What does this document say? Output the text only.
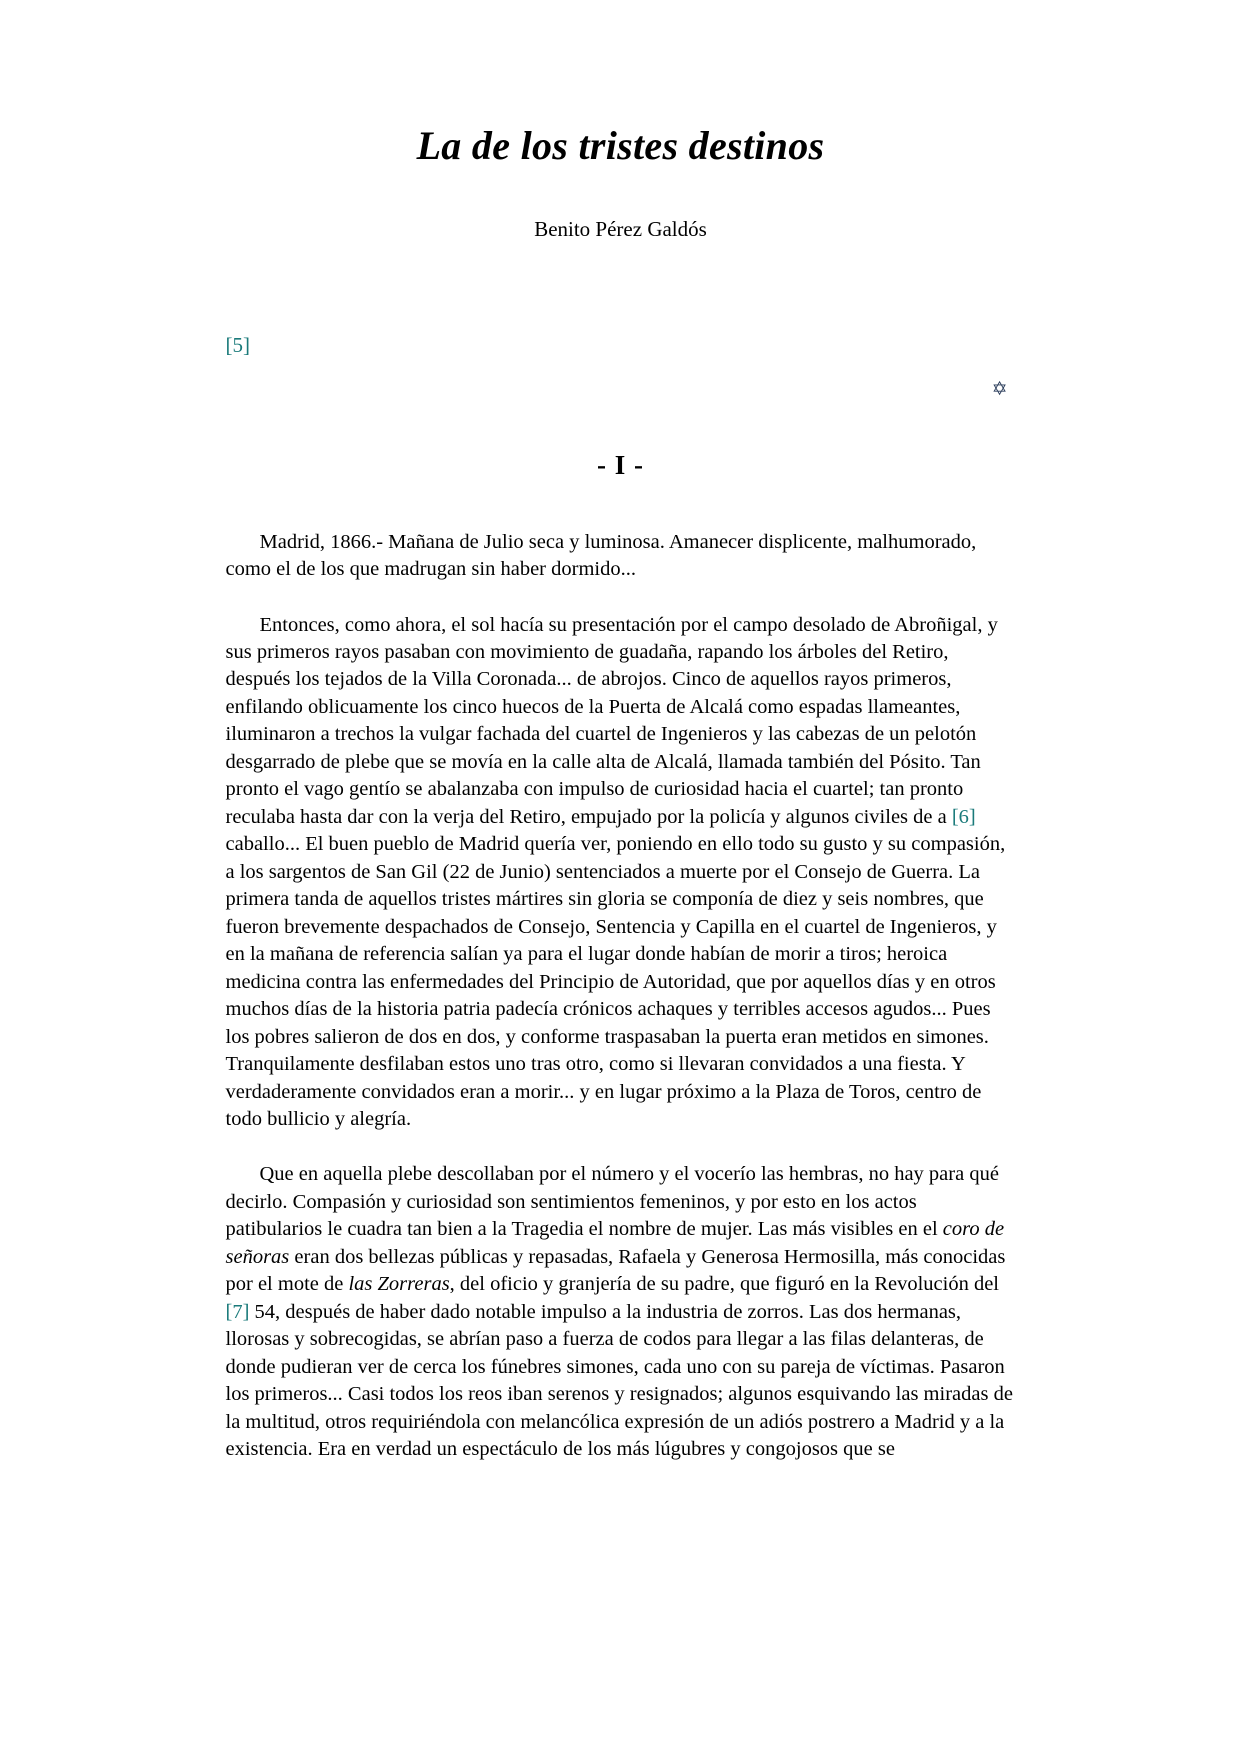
La de los tristes destinos
Benito Pérez Galdós
[5]
✡
- I -

Madrid, 1866.- Mañana de Julio seca y luminosa. Amanecer displicente, malhumorado, como el de los que madrugan sin haber dormido...

Entonces, como ahora, el sol hacía su presentación por el campo desolado de Abroñigal, y sus primeros rayos pasaban con movimiento de guadaña, rapando los árboles del Retiro, después los tejados de la Villa Coronada... de abrojos. Cinco de aquellos rayos primeros, enfilando oblicuamente los cinco huecos de la Puerta de Alcalá como espadas llameantes, iluminaron a trechos la vulgar fachada del cuartel de Ingenieros y las cabezas de un pelotón desgarrado de plebe que se movía en la calle alta de Alcalá, llamada también del Pósito. Tan pronto el vago gentío se abalanzaba con impulso de curiosidad hacia el cuartel; tan pronto reculaba hasta dar con la verja del Retiro, empujado por la policía y algunos civiles de a [6] caballo... El buen pueblo de Madrid quería ver, poniendo en ello todo su gusto y su compasión, a los sargentos de San Gil (22 de Junio) sentenciados a muerte por el Consejo de Guerra. La primera tanda de aquellos tristes mártires sin gloria se componía de diez y seis nombres, que fueron brevemente despachados de Consejo, Sentencia y Capilla en el cuartel de Ingenieros, y en la mañana de referencia salían ya para el lugar donde habían de morir a tiros; heroica medicina contra las enfermedades del Principio de Autoridad, que por aquellos días y en otros muchos días de la historia patria padecía crónicos achaques y terribles accesos agudos... Pues los pobres salieron de dos en dos, y conforme traspasaban la puerta eran metidos en simones. Tranquilamente desfilaban estos uno tras otro, como si llevaran convidados a una fiesta. Y verdaderamente convidados eran a morir... y en lugar próximo a la Plaza de Toros, centro de todo bullicio y alegría.

Que en aquella plebe descollaban por el número y el vocerío las hembras, no hay para qué decirlo. Compasión y curiosidad son sentimientos femeninos, y por esto en los actos patibularios le cuadra tan bien a la Tragedia el nombre de mujer. Las más visibles en el coro de señoras eran dos bellezas públicas y repasadas, Rafaela y Generosa Hermosilla, más conocidas por el mote de las Zorreras, del oficio y granjería de su padre, que figuró en la Revolución del [7] 54, después de haber dado notable impulso a la industria de zorros. Las dos hermanas, llorosas y sobrecogidas, se abrían paso a fuerza de codos para llegar a las filas delanteras, de donde pudieran ver de cerca los fúnebres simones, cada uno con su pareja de víctimas. Pasaron los primeros... Casi todos los reos iban serenos y resignados; algunos esquivando las miradas de la multitud, otros requiriéndola con melancólica expresión de un adiós postrero a Madrid y a la existencia. Era en verdad un espectáculo de los más lúgubres y congojosos que se
